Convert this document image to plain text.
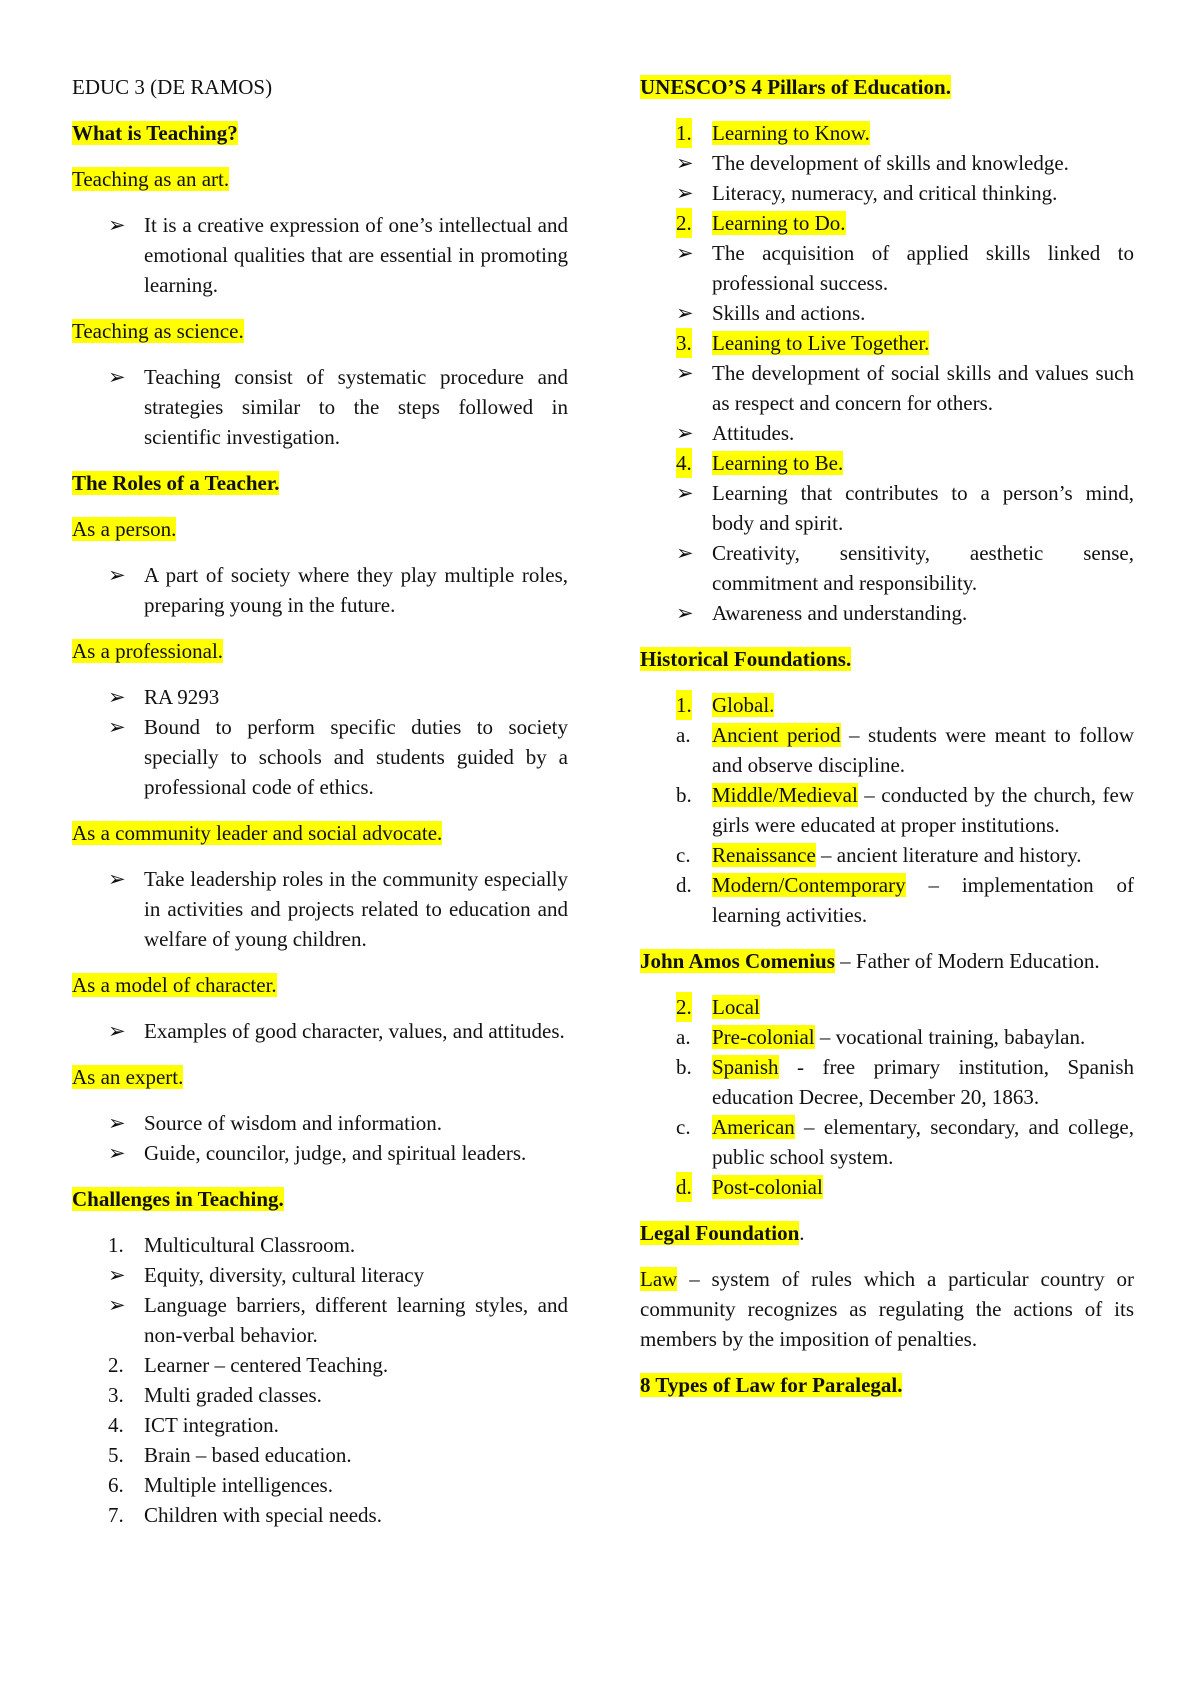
EDUC 3 (DE RAMOS)

What is Teaching?

Teaching as an art.

➢ It is a creative expression of one’s intellectual and emotional qualities that are essential in promoting learning.

Teaching as science.

➢ Teaching consist of systematic procedure and strategies similar to the steps followed in scientific investigation.

The Roles of a Teacher.

As a person.

➢ A part of society where they play multiple roles, preparing young in the future.

As a professional.

➢ RA 9293
➢ Bound to perform specific duties to society specially to schools and students guided by a professional code of ethics.

As a community leader and social advocate.

➢ Take leadership roles in the community especially in activities and projects related to education and welfare of young children.

As a model of character.

➢ Examples of good character, values, and attitudes.

As an expert.

➢ Source of wisdom and information.
➢ Guide, councilor, judge, and spiritual leaders.

Challenges in Teaching.

1. Multicultural Classroom.
➢ Equity, diversity, cultural literacy
➢ Language barriers, different learning styles, and non-verbal behavior.
2. Learner – centered Teaching.
3. Multi graded classes.
4. ICT integration.
5. Brain – based education.
6. Multiple intelligences.
7. Children with special needs.

UNESCO’S 4 Pillars of Education.

1. Learning to Know.
➢ The development of skills and knowledge.
➢ Literacy, numeracy, and critical thinking.
2. Learning to Do.
➢ The acquisition of applied skills linked to professional success.
➢ Skills and actions.
3. Leaning to Live Together.
➢ The development of social skills and values such as respect and concern for others.
➢ Attitudes.
4. Learning to Be.
➢ Learning that contributes to a person’s mind, body and spirit.
➢ Creativity, sensitivity, aesthetic sense, commitment and responsibility.
➢ Awareness and understanding.

Historical Foundations.

1. Global.
a. Ancient period – students were meant to follow and observe discipline.
b. Middle/Medieval – conducted by the church, few girls were educated at proper institutions.
c. Renaissance – ancient literature and history.
d. Modern/Contemporary – implementation of learning activities.

John Amos Comenius – Father of Modern Education.

2. Local
a. Pre-colonial – vocational training, babaylan.
b. Spanish - free primary institution, Spanish education Decree, December 20, 1863.
c. American – elementary, secondary, and college, public school system.
d. Post-colonial

Legal Foundation.

Law – system of rules which a particular country or community recognizes as regulating the actions of its members by the imposition of penalties.

8 Types of Law for Paralegal.
